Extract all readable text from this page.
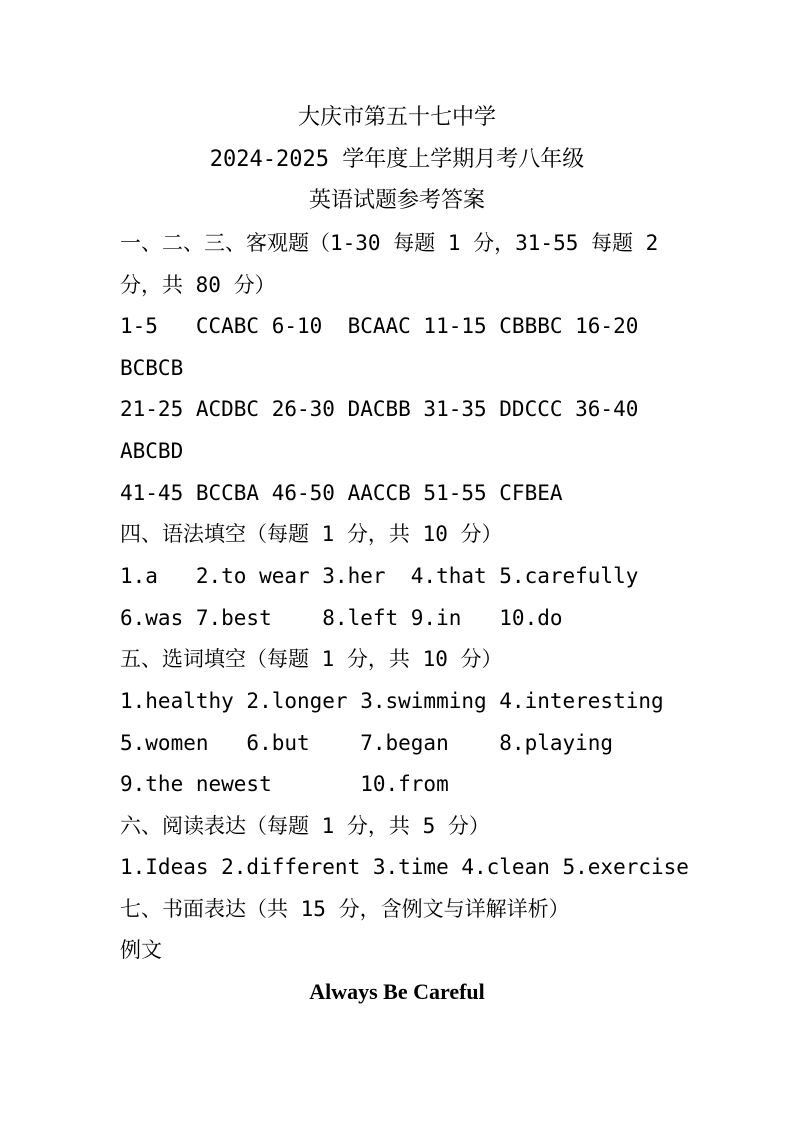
大庆市第五十七中学
2024-2025 学年度上学期月考八年级
英语试题参考答案
一、二、三、客观题（1-30 每题 1 分，31-55 每题 2
分，共 80 分）
1-5   CCABC 6-10  BCAAC 11-15 CBBBC 16-20
BCBCB
21-25 ACDBC 26-30 DACBB 31-35 DDCCC 36-40
ABCBD
41-45 BCCBA 46-50 AACCB 51-55 CFBEA
四、语法填空（每题 1 分，共 10 分）
1.a   2.to wear 3.her  4.that 5.carefully
6.was 7.best    8.left 9.in   10.do
五、选词填空（每题 1 分，共 10 分）
1.healthy 2.longer 3.swimming 4.interesting
5.women   6.but    7.began    8.playing
9.the newest       10.from
六、阅读表达（每题 1 分，共 5 分）
1.Ideas 2.different 3.time 4.clean 5.exercise
七、书面表达（共 15 分，含例文与详解详析）
例文
Always Be Careful
